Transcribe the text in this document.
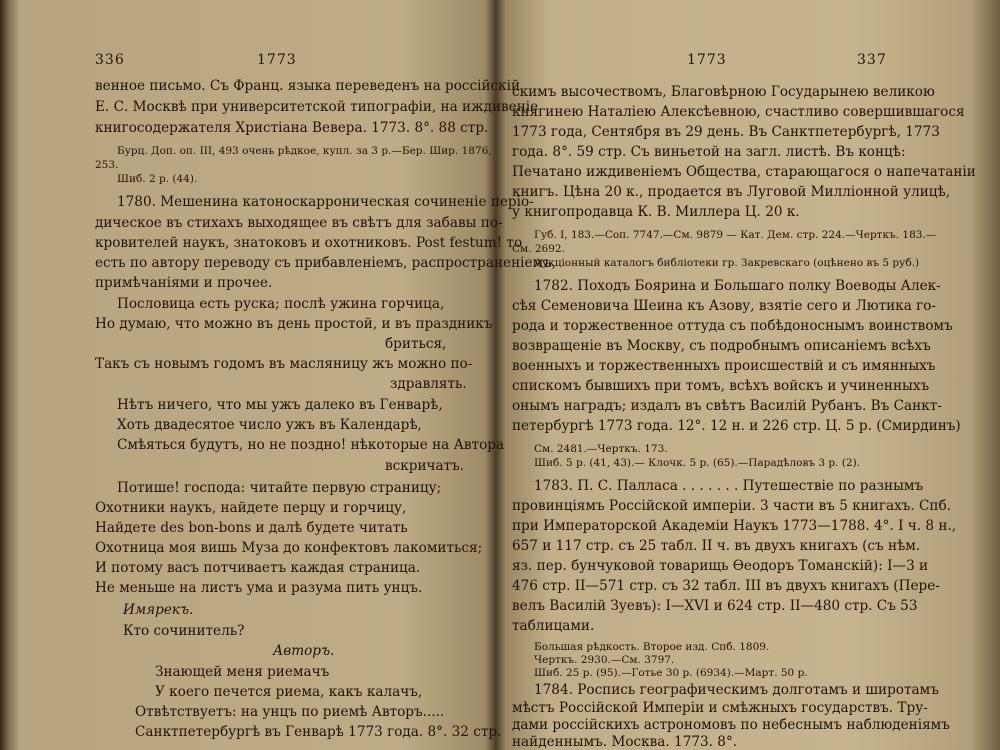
336	1773
венное письмо. Съ Франц. языка переведенъ на россійскій
Е. С. Москвѣ при университетской типографіи, на иждивеніе
книгосодержателя Христіана Вевера. 1773. 8°. 88 стр.
Бурц. Доп. оп. III, 493 очень рѣдкое, купл. за 3 р.—Бер. Шир. 1876,
253.
Шиб. 2 р. (44).
1780. Мешенина катоноскарроническая сочиненіе періо-
дическое въ стихахъ выходящее въ свѣтъ для забавы по-
кровителей наукъ, знатоковъ и охотниковъ. Post festum! то
есть по автору переводу съ прибавленіемъ, распространеніемъ,
примѣчаніями и прочее.
Пословица есть руска; послѣ ужина горчица,
Но думаю, что можно въ день простой, и въ праздникъ
бриться,
Такъ съ новымъ годомъ въ масляницу жъ можно по-
здравлять.
Нѣтъ ничего, что мы ужъ далеко въ Генварѣ,
Хоть двадесятое число ужъ въ Календарѣ,
Смѣяться будутъ, но не поздно! нѣкоторые на Автора
вскричатъ.
Потише! господа: читайте первую страницу;
Охотники наукъ, найдете перцу и горчицу,
Найдете des bon-bons и далѣ будете читать
Охотница моя вишь Муза до конфектовъ лакомиться;
И потому васъ потчиваетъ каждая страница.
Не меньше на листъ ума и разума пить унцъ.
Имярекъ.
Кто сочинитель?
Авторъ.
Знающей меня риемачъ
У коего печется риема, какъ калачъ,
Отвѣтствуетъ: на унцъ по риемѣ Авторъ.....
Санктпетербургѣ въ Генварѣ 1773 года. 8°. 32 стр.
1773	337
скимъ высочествомъ, Благовѣрною Государынею великою
княгинею Наталіею Алексѣевною, счастливо совершившагося
1773 года, Сентября въ 29 день. Въ Санктпетербургѣ, 1773
года. 8°. 59 стр. Съ виньетой на загл. листѣ. Въ концѣ:
Печатано иждивеніемъ Общества, старающагося о напечатаніи
книгъ. Цѣна 20 к., продается въ Луговой Милліонной улицѣ,
у книгопродавца К. В. Миллера Ц. 20 к.
Губ. I, 183.—Соп. 7747.—См. 9879 — Кат. Дем. стр. 224.—Черткъ. 183.—
См. 2692.
Аукціонный каталогъ библіотеки гр. Закревскаго (оцѣнено въ 5 руб.)
1782. Походъ Боярина и Большаго полку Воеводы Алек-
сѣя Семеновича Шеина къ Азову, взятіе сего и Лютика го-
рода и торжественное оттуда съ побѣдоноснымъ воинствомъ
возвращеніе въ Москву, съ подробнымъ описаніемъ всѣхъ
военныхъ и торжественныхъ происшествій и съ имянныхъ
спискомъ бывшихъ при томъ, всѣхъ войскъ и учиненныхъ
онымъ наградъ; издалъ въ свѣтъ Василій Рубанъ. Въ Санкт-
петербургѣ 1773 года. 12°. 12 н. и 226 стр. Ц. 5 р. (Смирдинъ)
См. 2481.—Черткъ. 173.
Шиб. 5 р. (41, 43).— Клочк. 5 р. (65).—Парадѣловъ 3 р. (2).
1783. П. С. Палласа . . . . . . . Путешествіе по разнымъ
провинціямъ Россійской имперіи. 3 части въ 5 книгахъ. Спб.
при Императорской Академіи Наукъ 1773—1788. 4°. I ч. 8 н.,
657 и 117 стр. съ 25 табл. II ч. въ двухъ книгахъ (съ нѣм.
яз. пер. бунчуковой товарищь Ѳеодоръ Томанскій): I—3 и
476 стр. II—571 стр. съ 32 табл. III въ двухъ книгахъ (Пере-
велъ Василій Зуевъ): I—XVI и 624 стр. II—480 стр. Съ 53
таблицами.
Большая рѣдкость. Второе изд. Спб. 1809.
Черткъ. 2930.—См. 3797.
Шиб. 25 р. (95).—Готье 30 р. (6934).—Март. 50 р.
1784. Роспись географическимъ долготамъ и широтамъ
мѣстъ Россійской Имперіи и смѣжныхъ государствъ. Тру-
дами россійскихъ астрономовъ по небеснымъ наблюденіямъ
найденнымъ. Москва. 1773. 8°.
